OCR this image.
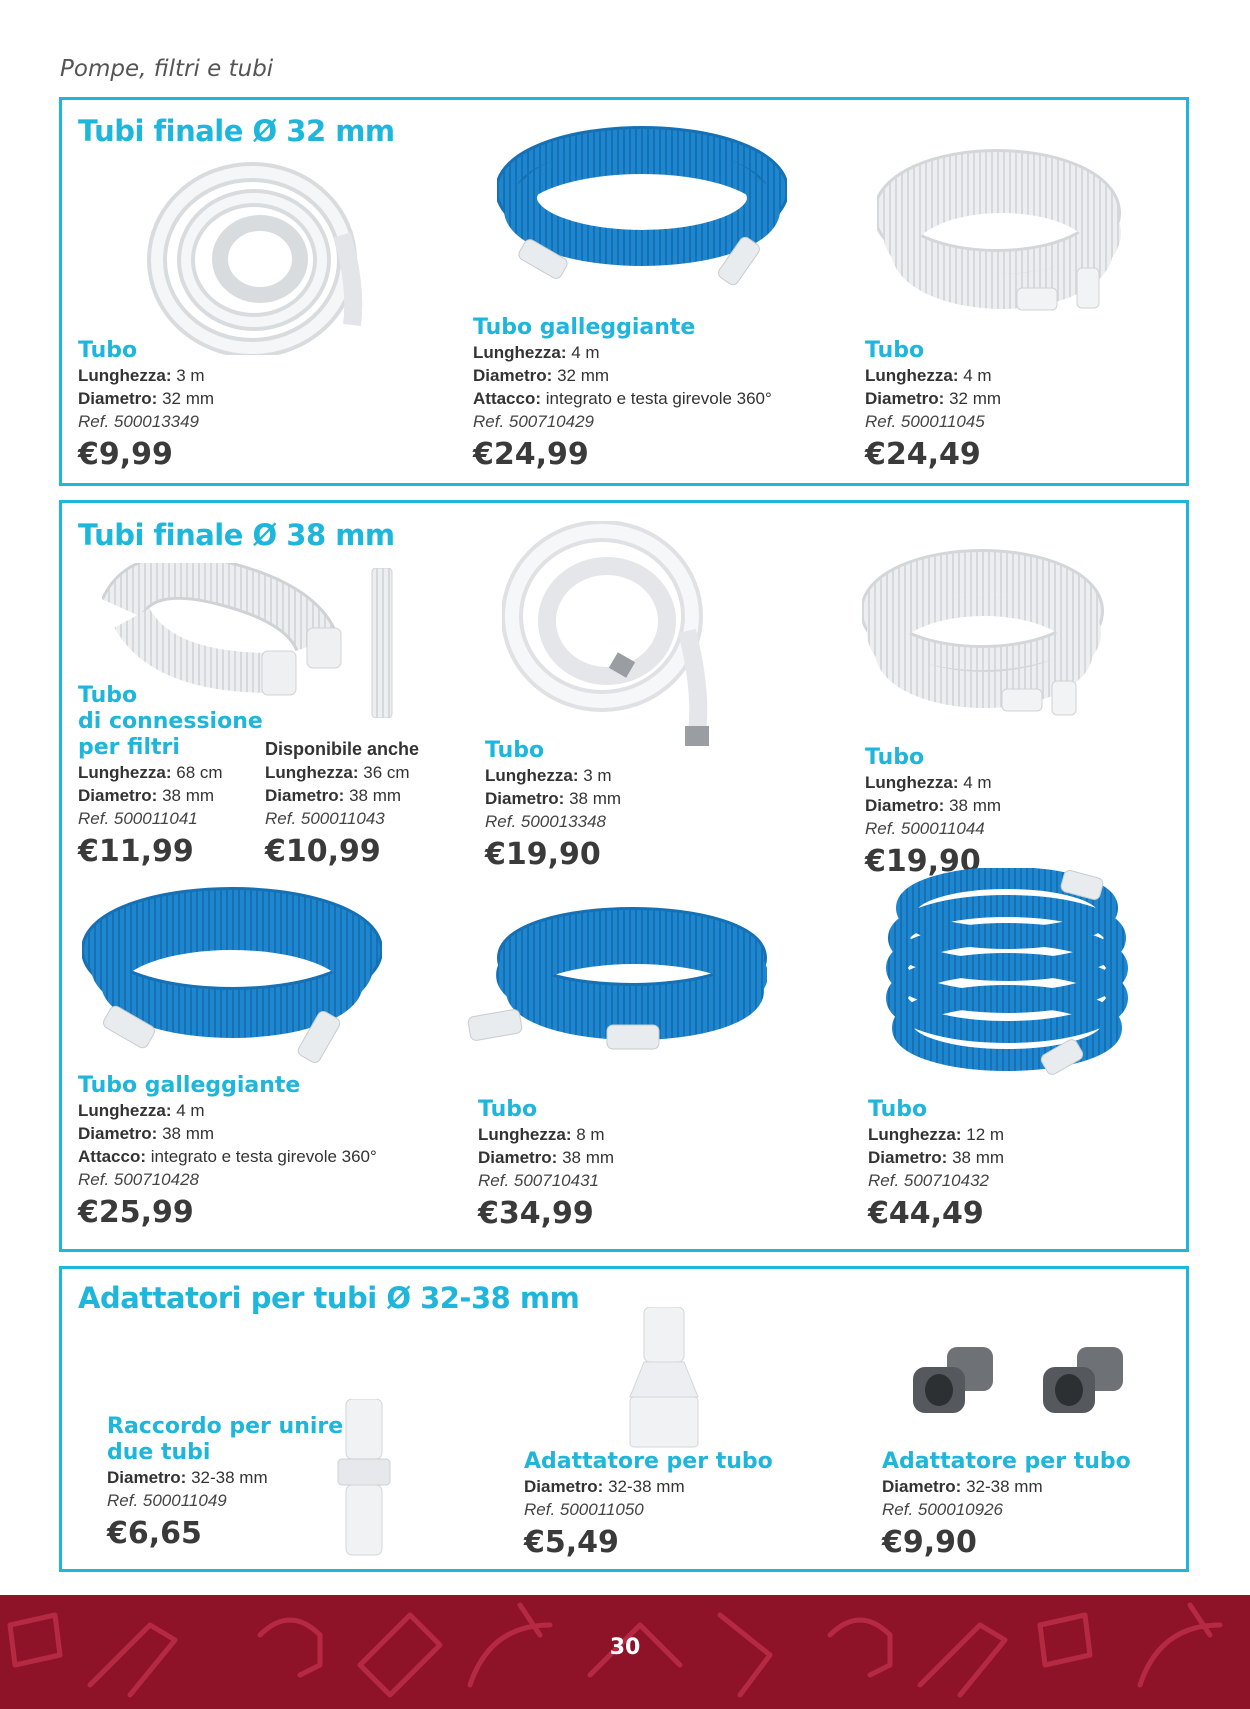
Pompe, filtri e tubi
Tubi finale Ø 32 mm
Tubo
Lunghezza: 3 m
Diametro: 32 mm
Ref. 500013349
€9,99
Tubo galleggiante
Lunghezza: 4 m
Diametro: 32 mm
Attacco: integrato e testa girevole 360°
Ref. 500710429
€24,99
Tubo
Lunghezza: 4 m
Diametro: 32 mm
Ref. 500011045
€24,49
Tubi finale Ø 38 mm
Tubo
di connessione
per filtri
Lunghezza: 68 cm
Diametro: 38 mm
Ref. 500011041
€11,99
Disponibile anche
Lunghezza: 36 cm
Diametro: 38 mm
Ref. 500011043
€10,99
Tubo
Lunghezza: 3 m
Diametro: 38 mm
Ref. 500013348
€19,90
Tubo
Lunghezza: 4 m
Diametro: 38 mm
Ref. 500011044
€19,90
Tubo galleggiante
Lunghezza: 4 m
Diametro: 38 mm
Attacco: integrato e testa girevole 360°
Ref. 500710428
€25,99
Tubo
Lunghezza: 8 m
Diametro: 38 mm
Ref. 500710431
€34,99
Tubo
Lunghezza: 12 m
Diametro: 38 mm
Ref. 500710432
€44,49
Adattatori per tubi Ø 32-38 mm
Raccordo per unire
due tubi
Diametro: 32-38 mm
Ref. 500011049
€6,65
Adattatore per tubo
Diametro: 32-38 mm
Ref. 500011050
€5,49
Adattatore per tubo
Diametro: 32-38 mm
Ref. 500010926
€9,90
30
